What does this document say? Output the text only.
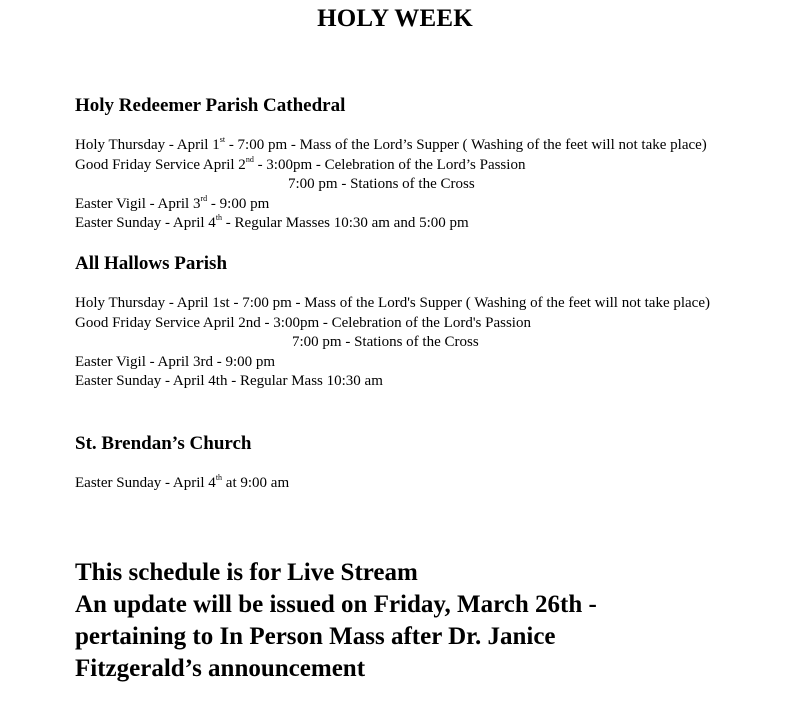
HOLY WEEK
Holy Redeemer Parish Cathedral
Holy Thursday - April 1st - 7:00 pm - Mass of the Lord’s Supper ( Washing of the feet will not take place)
Good Friday Service April 2nd - 3:00pm - Celebration of the Lord’s Passion
7:00 pm - Stations of the Cross
Easter Vigil - April 3rd - 9:00 pm
Easter Sunday - April 4th - Regular Masses 10:30 am and 5:00 pm
All Hallows Parish
Holy Thursday - April 1st - 7:00 pm - Mass of the Lord's Supper ( Washing of the feet will not take place)
Good Friday Service April 2nd - 3:00pm - Celebration of the Lord's Passion
7:00 pm - Stations of the Cross
Easter Vigil - April 3rd - 9:00 pm
Easter Sunday - April 4th - Regular Mass 10:30 am
St. Brendan’s Church
Easter Sunday - April 4th at 9:00 am
This schedule is for Live Stream
An update will be issued on Friday, March 26th -
pertaining to In Person Mass after Dr. Janice
Fitzgerald’s announcement
